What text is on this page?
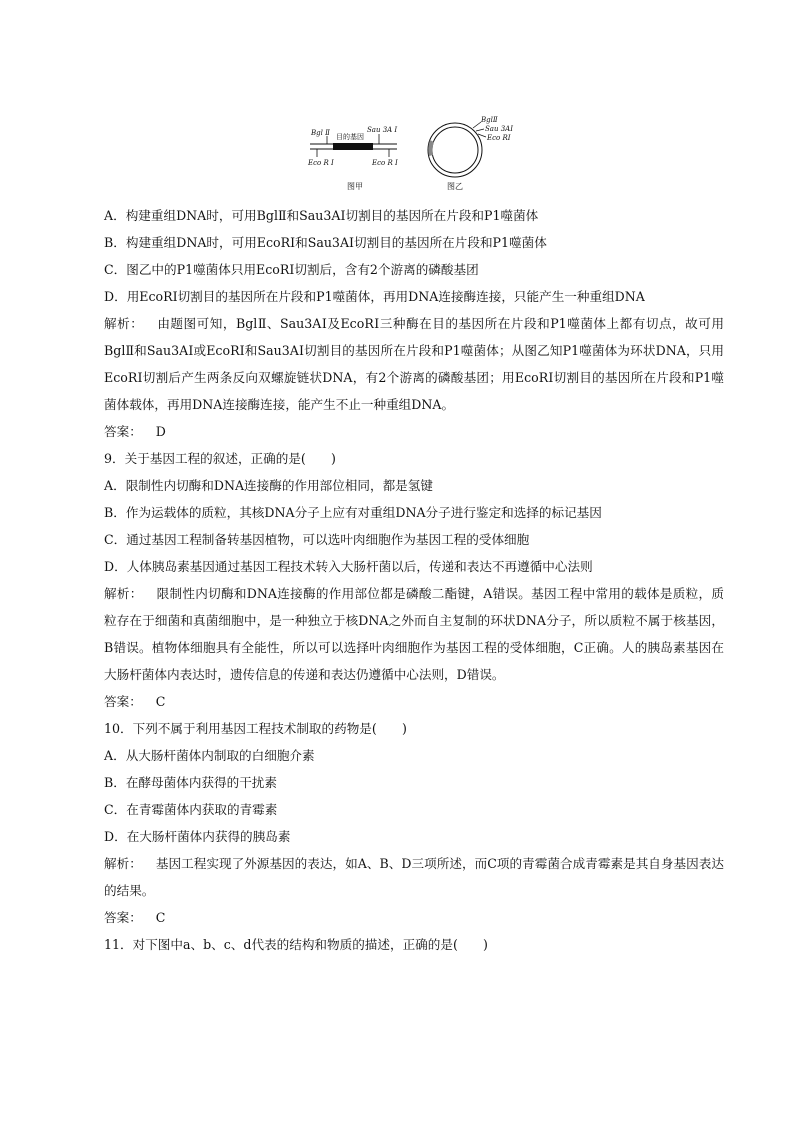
Bgl Ⅱ 目的基因
Sau 3A Ⅰ
Eco R Ⅰ	Eco R Ⅰ
图甲
BglⅡ
Sau 3AⅠ
Eco RⅠ
图乙
A．构建重组DNA时，可用BglⅡ和Sau3AⅠ切割目的基因所在片段和P1噬菌体
B．构建重组DNA时，可用EcoRⅠ和Sau3AⅠ切割目的基因所在片段和P1噬菌体
C．图乙中的P1噬菌体只用EcoRⅠ切割后，含有2个游离的磷酸基团
D．用EcoRⅠ切割目的基因所在片段和P1噬菌体，再用DNA连接酶连接，只能产生一种重组DNA

解析： 由题图可知，BglⅡ、Sau3AⅠ及EcoRⅠ三种酶在目的基因所在片段和P1噬菌体上都有切点，故可用BglⅡ和Sau3AⅠ或EcoRⅠ和Sau3AⅠ切割目的基因所在片段和P1噬菌体；从图乙知P1噬菌体为环状DNA，只用EcoRⅠ切割后产生两条反向双螺旋链状DNA，有2个游离的磷酸基团；用EcoRⅠ切割目的基因所在片段和P1噬菌体载体，再用DNA连接酶连接，能产生不止一种重组DNA。

答案： D
9．关于基因工程的叙述，正确的是(　　)
A．限制性内切酶和DNA连接酶的作用部位相同，都是氢键
B．作为运载体的质粒，其核DNA分子上应有对重组DNA分子进行鉴定和选择的标记基因
C．通过基因工程制备转基因植物，可以选叶肉细胞作为基因工程的受体细胞
D．人体胰岛素基因通过基因工程技术转入大肠杆菌以后，传递和表达不再遵循中心法则

解析： 限制性内切酶和DNA连接酶的作用部位都是磷酸二酯键，A错误。基因工程中常用的载体是质粒，质粒存在于细菌和真菌细胞中，是一种独立于核DNA之外而自主复制的环状DNA分子，所以质粒不属于核基因，B错误。植物体细胞具有全能性，所以可以选择叶肉细胞作为基因工程的受体细胞，C正确。人的胰岛素基因在大肠杆菌体内表达时，遗传信息的传递和表达仍遵循中心法则，D错误。

答案： C
10．下列不属于利用基因工程技术制取的药物是(　　)
A．从大肠杆菌体内制取的白细胞介素
B．在酵母菌体内获得的干扰素
C．在青霉菌体内获取的青霉素
D．在大肠杆菌体内获得的胰岛素

解析： 基因工程实现了外源基因的表达，如A、B、D三项所述，而C项的青霉菌合成青霉素是其自身基因表达的结果。

答案： C
11．对下图中a、b、c、d代表的结构和物质的描述，正确的是(　　)
